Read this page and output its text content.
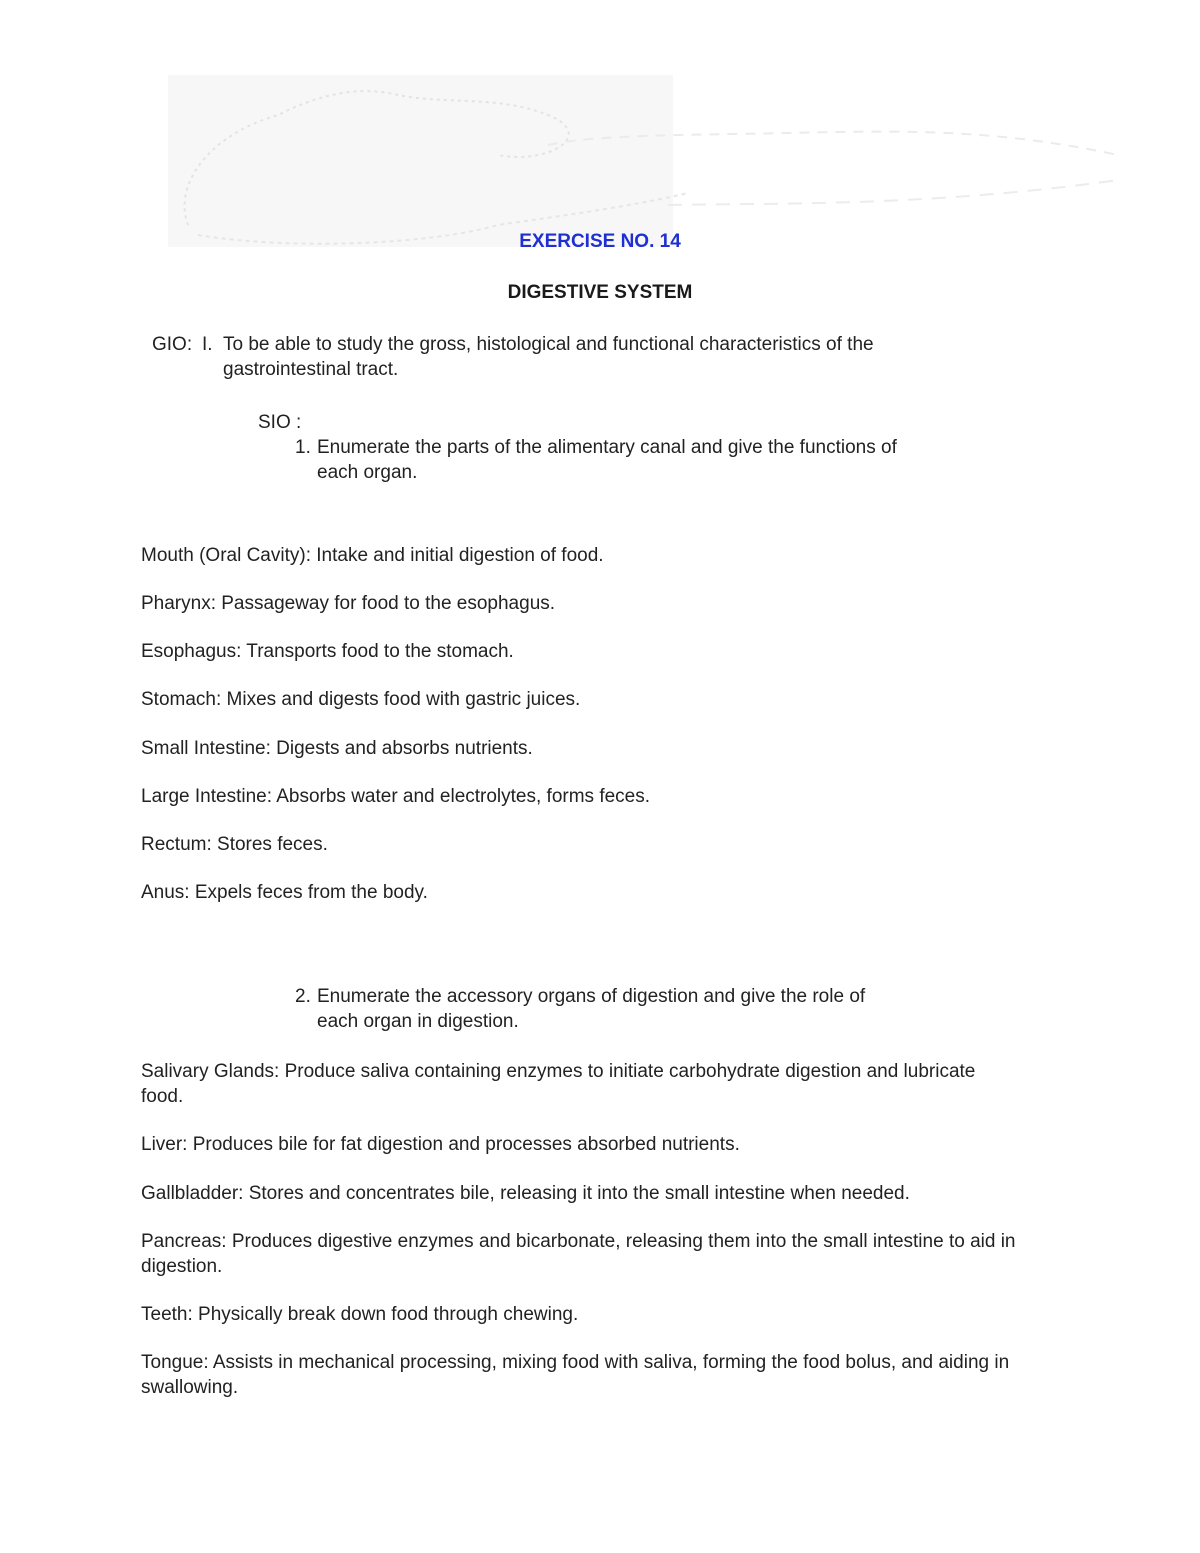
EXERCISE NO. 14
DIGESTIVE SYSTEM
GIO: I. To be able to study the gross, histological and functional characteristics of the
gastrointestinal tract.
SIO :
1. Enumerate the parts of the alimentary canal and give the functions of
each organ.
Mouth (Oral Cavity): Intake and initial digestion of food.
Pharynx: Passageway for food to the esophagus.
Esophagus: Transports food to the stomach.
Stomach: Mixes and digests food with gastric juices.
Small Intestine: Digests and absorbs nutrients.
Large Intestine: Absorbs water and electrolytes, forms feces.
Rectum: Stores feces.
Anus: Expels feces from the body.
2. Enumerate the accessory organs of digestion and give the role of
each organ in digestion.
Salivary Glands: Produce saliva containing enzymes to initiate carbohydrate digestion and lubricate food.
Liver: Produces bile for fat digestion and processes absorbed nutrients.
Gallbladder: Stores and concentrates bile, releasing it into the small intestine when needed.
Pancreas: Produces digestive enzymes and bicarbonate, releasing them into the small intestine to aid in digestion.
Teeth: Physically break down food through chewing.
Tongue: Assists in mechanical processing, mixing food with saliva, forming the food bolus, and aiding in swallowing.
